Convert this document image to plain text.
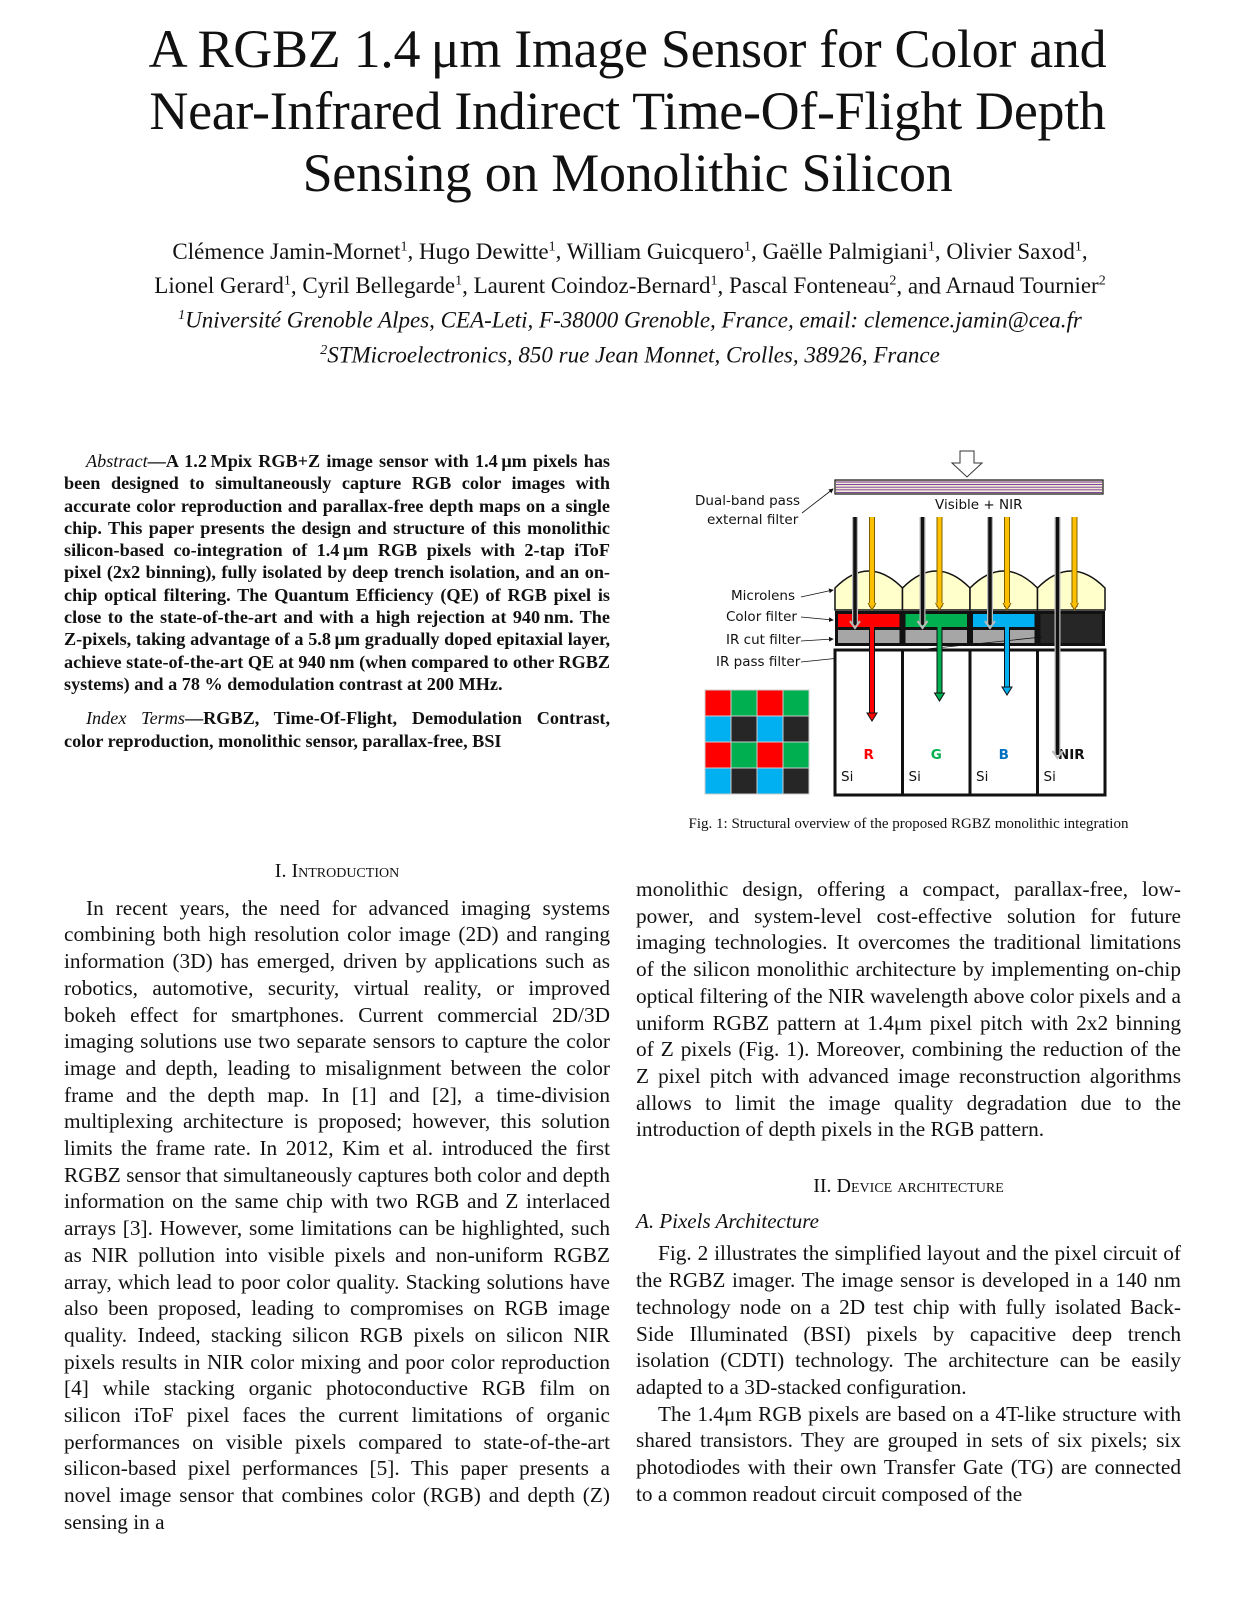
A RGBZ 1.4 μm Image Sensor for Color and
Near-Infrared Indirect Time-Of-Flight Depth
Sensing on Monolithic Silicon
Clémence Jamin-Mornet$^1$, Hugo Dewitte$^1$, William Guicquero$^1$, Gaëlle Palmigiani$^1$, Olivier Saxod$^1$,
Lionel Gerard$^1$, Cyril Bellegarde$^1$, Laurent Coindoz-Bernard$^1$, Pascal Fonteneau$^2$, and Arnaud Tournier$^2$
$^1$Université Grenoble Alpes, CEA-Leti, F-38000 Grenoble, France, email: clemence.jamin@cea.fr
$^2$STMicroelectronics, 850 rue Jean Monnet, Crolles, 38926, France

Abstract—A 1.2 Mpix RGB+Z image sensor with 1.4 μm pixels has been designed to simultaneously capture RGB color images with accurate color reproduction and parallax-free depth maps on a single chip. This paper presents the design and structure of this monolithic silicon-based co-integration of 1.4 μm RGB pixels with 2-tap iToF pixel (2x2 binning), fully isolated by deep trench isolation, and an on-chip optical filtering. The Quantum Efficiency (QE) of RGB pixel is close to the state-of-the-art and with a high rejection at 940 nm. The Z-pixels, taking advantage of a 5.8 μm gradually doped epitaxial layer, achieve state-of-the-art QE at 940 nm (when compared to other RGBZ systems) and a 78 % demodulation contrast at 200 MHz.

Index Terms—RGBZ, Time-Of-Flight, Demodulation Contrast, color reproduction, monolithic sensor, parallax-free, BSI

Visible + NIR
Dual-band pass
external filter
Microlens
Color filter
IR cut filter
IR pass filter
R
Si
G
Si
B
Si
NIR
Si
Fig. 1: Structural overview of the proposed RGBZ monolithic integration
I. Introduction

In recent years, the need for advanced imaging systems combining both high resolution color image (2D) and ranging information (3D) has emerged, driven by applications such as robotics, automotive, security, virtual reality, or improved bokeh effect for smartphones. Current commercial 2D/3D imaging solutions use two separate sensors to capture the color image and depth, leading to misalignment between the color frame and the depth map. In [1] and [2], a time-division multiplexing architecture is proposed; however, this solution limits the frame rate. In 2012, Kim et al. introduced the first RGBZ sensor that simultaneously captures both color and depth information on the same chip with two RGB and Z interlaced arrays [3]. However, some limitations can be highlighted, such as NIR pollution into visible pixels and non-uniform RGBZ array, which lead to poor color quality. Stacking solutions have also been proposed, leading to compromises on RGB image quality. Indeed, stacking silicon RGB pixels on silicon NIR pixels results in NIR color mixing and poor color reproduction [4] while stacking organic photoconductive RGB film on silicon iToF pixel faces the current limitations of organic performances on visible pixels compared to state-of-the-art silicon-based pixel performances [5]. This paper presents a novel image sensor that combines color (RGB) and depth (Z) sensing in a

monolithic design, offering a compact, parallax-free, low-power, and system-level cost-effective solution for future imaging technologies. It overcomes the traditional limitations of the silicon monolithic architecture by implementing on-chip optical filtering of the NIR wavelength above color pixels and a uniform RGBZ pattern at 1.4μm pixel pitch with 2x2 binning of Z pixels (Fig. 1). Moreover, combining the reduction of the Z pixel pitch with advanced image reconstruction algorithms allows to limit the image quality degradation due to the introduction of depth pixels in the RGB pattern.

II. Device architecture
A. Pixels Architecture

Fig. 2 illustrates the simplified layout and the pixel circuit of the RGBZ imager. The image sensor is developed in a 140 nm technology node on a 2D test chip with fully isolated Back-Side Illuminated (BSI) pixels by capacitive deep trench isolation (CDTI) technology. The architecture can be easily adapted to a 3D-stacked configuration.

The 1.4μm RGB pixels are based on a 4T-like structure with shared transistors. They are grouped in sets of six pixels; six photodiodes with their own Transfer Gate (TG) are connected to a common readout circuit composed of the
